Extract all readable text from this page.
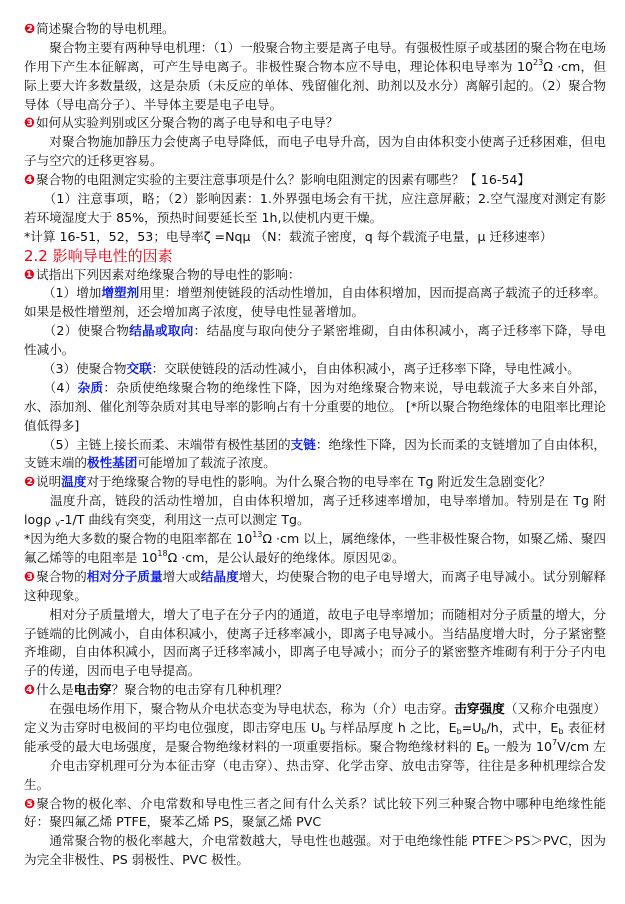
❷简述聚合物的导电机理。
　　聚合物主要有两种导电机理：（1）一般聚合物主要是离子电导。有强极性原子或基团的聚合物在电场
作用下产生本征解离，可产生导电离子。非极性聚合物本应不导电，理论体积电导率为 $10^{23}\Omega \cdot cm$，但
际上要大许多数量级，这是杂质（未反应的单体、残留催化剂、助剂以及水分）离解引起的。（2）聚合物
导体（导电高分子）、半导体主要是电子电导。
❸如何从实验判别或区分聚合物的离子电导和电子电导？
　　对聚合物施加静压力会使离子电导降低，而电子电导升高，因为自由体积变小使离子迁移困难，但电
子与空穴的迁移更容易。
❹聚合物的电阻测定实验的主要注意事项是什么？影响电阻测定的因素有哪些？【 16-54】
　　（1）注意事项，略；（2）影响因素：1.外界强电场会有干扰，应注意屏蔽；2.空气湿度对测定有影
若环境湿度大于 85%，预热时间要延长至 1h,以使机内更干燥。
*计算 16-51，52，53；电导率ζ =Nqμ （N：载流子密度，q 每个载流子电量，μ 迁移速率）
2.2 影响导电性的因素
❶试指出下列因素对绝缘聚合物的导电性的影响：
　　（1）增加增塑剂用里：增塑剂使链段的活动性增加，自由体积增加，因而提高离子载流子的迁移率。
如果是极性增塑剂，还会增加离子浓度，使导电性显著增加。
　　（2）使聚合物结晶或取向：结晶度与取向使分子紧密堆砌，自由体积减小，离子迁移率下降，导电
性减小。
　　（3）使聚合物交联：交联使链段的活动性减小，自由体积减小，离子迁移率下降，导电性减小。
　　（4）杂质：杂质使绝缘聚合物的绝缘性下降，因为对绝缘聚合物来说，导电载流子大多来自外部，
水、添加剂、催化剂等杂质对其电导率的影响占有十分重要的地位。 [*所以聚合物绝缘体的电阻率比理论
值低得多]
　　（5）主链上接长而柔、末端带有极性基团的支链：绝缘性下降，因为长而柔的支链增加了自由体积，
支链末端的极性基团可能增加了载流子浓度。
❷说明温度对于绝缘聚合物的导电性的影响。为什么聚合物的电导率在 Tg 附近发生急剧变化？
　　温度升高，链段的活动性增加，自由体积增加，离子迁移速率增加，电导率增加。特别是在 Tg 附
logρ $_v$-1/T 曲线有突变，利用这一点可以测定 Tg。
*因为绝大多数的聚合物的电阻率都在 $10^{13}\Omega \cdot cm$ 以上，属绝缘体，一些非极性聚合物，如聚乙烯、聚四
氟乙烯等的电阻率是 $10^{18}\Omega \cdot cm$，是公认最好的绝缘体。原因见②。
❸聚合物的相对分子质量增大或结晶度增大，均使聚合物的电子电导增大，而离子电导减小。试分别解释
这种现象。
　　相对分子质量增大，增大了电子在分子内的通道，故电子电导率增加；而随相对分子质量的增大，分
子链端的比例减小，自由体积减小，使离子迁移率减小，即离子电导减小。当结晶度增大时，分子紧密整
齐堆砌，自由体积减小，因而离子迁移率减小，即离子电导减小；而分子的紧密整齐堆砌有利于分子内电
子的传递，因而电子电导提高。
❹什么是电击穿？聚合物的电击穿有几种机理？
　　在强电场作用下，聚合物从介电状态变为导电状态，称为（介）电击穿。击穿强度（又称介电强度）
定义为击穿时电极间的平均电位强度，即击穿电压 $U_b$ 与样品厚度 h 之比，$E_b=U_b/h$，式中，$E_b$ 表征材
能承受的最大电场强度，是聚合物绝缘材料的一项重要指标。聚合物绝缘材料的 $E_b$ 一般为 $10^7V/cm$ 左
　　介电击穿机理可分为本征击穿（电击穿）、热击穿、化学击穿、放电击穿等，往往是多种机理综合发
生。
❺聚合物的极化率、介电常数和导电性三者之间有什么关系？试比较下列三种聚合物中哪种电绝缘性能
好：聚四氟乙烯 PTFE，聚苯乙烯 PS，聚氯乙烯 PVC
　　通常聚合物的极化率越大，介电常数越大，导电性也越强。对于电绝缘性能 PTFE＞PS＞PVC，因为
为完全非极性、PS 弱极性、PVC 极性。
